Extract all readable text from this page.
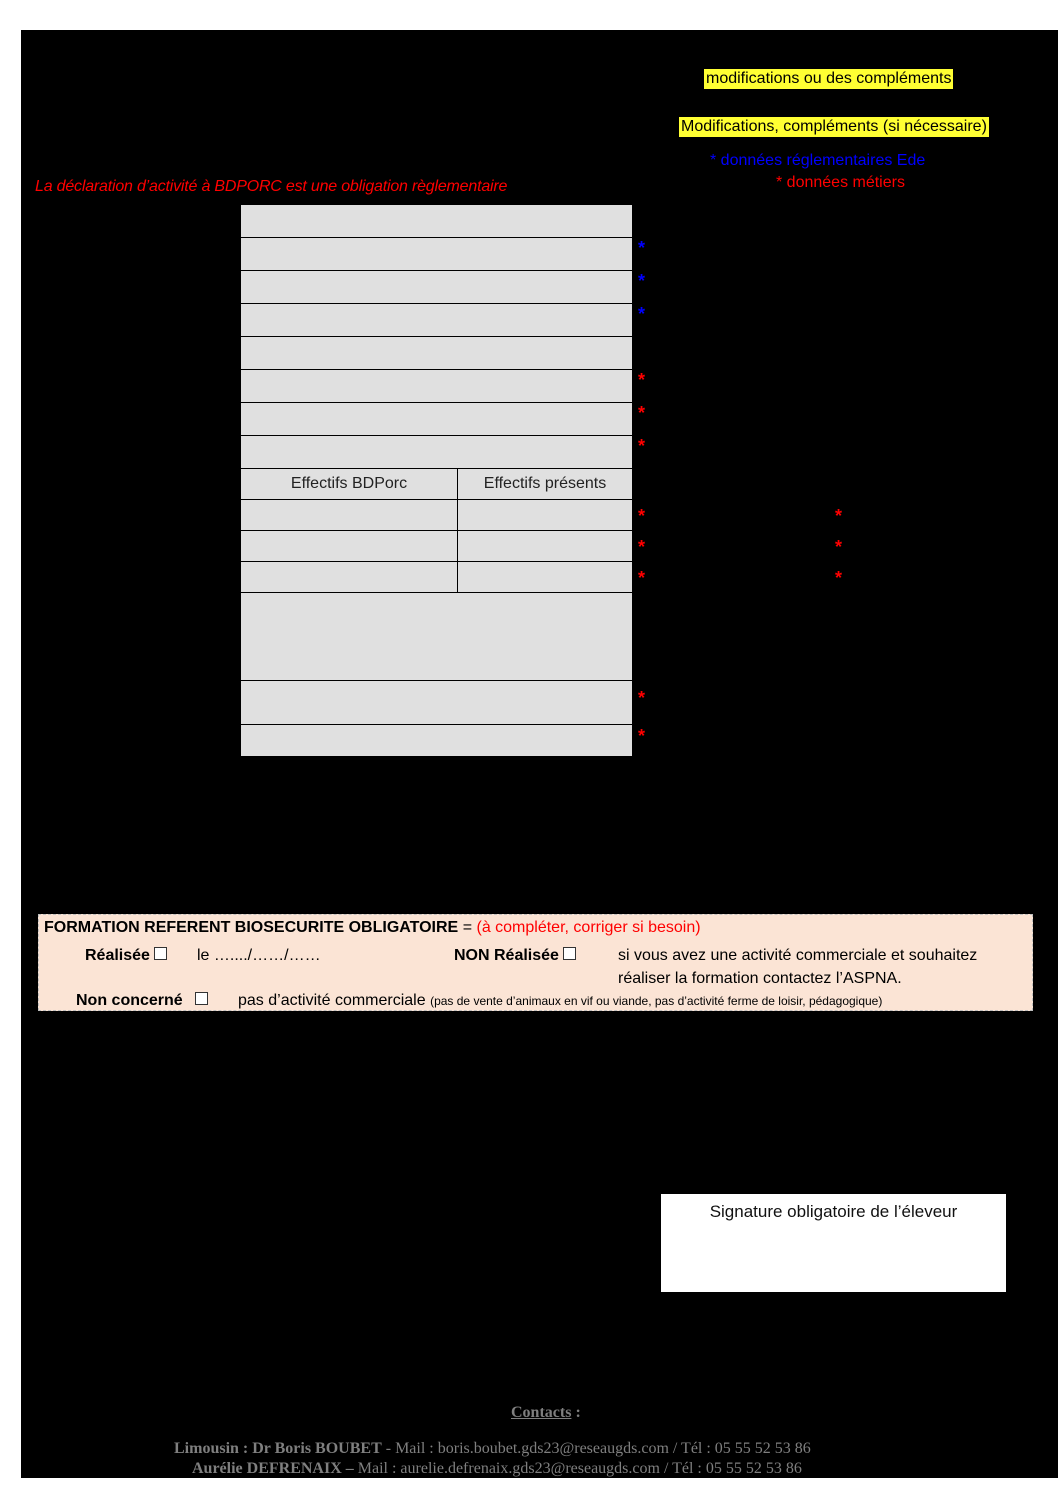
modifications ou des compléments
Modifications, compléments (si nécessaire)
* données réglementaires Ede
* données métiers
La déclaration d’activité à BDPORC est une obligation règlementaire
Effectifs BDPorc	Effectifs présents
*
*
*
*
*
*
*	*
*	*
*	*
*
*
FORMATION REFERENT BIOSECURITE OBLIGATOIRE = (à compléter, corriger si besoin)
Réalisée	le …..../……/……	NON Réalisée	si vous avez une activité commerciale et souhaitez
réaliser la formation contactez l’ASPNA.
Non concerné	pas d’activité commerciale (pas de vente d’animaux en vif ou viande, pas d’activité ferme de loisir, pédagogique)
Signature obligatoire de l’éleveur
Contacts :
Limousin : Dr Boris BOUBET - Mail : boris.boubet.gds23@reseaugds.com / Tél : 05 55 52 53 86
Aurélie DEFRENAIX – Mail : aurelie.defrenaix.gds23@reseaugds.com / Tél : 05 55 52 53 86
